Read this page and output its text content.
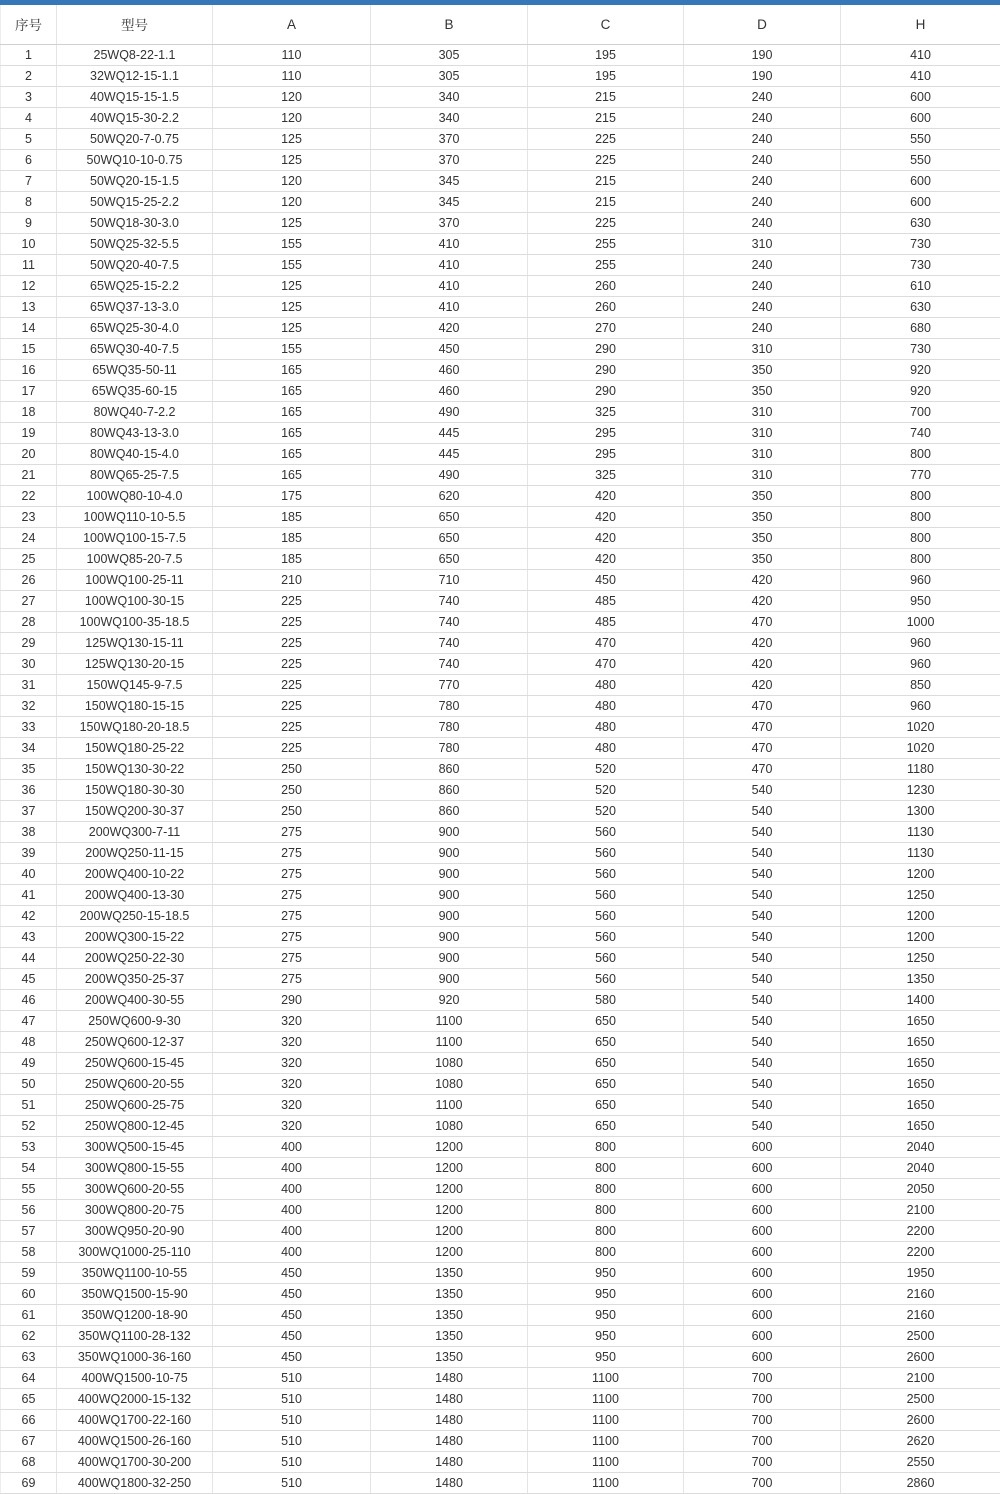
序号	型号	A	B	C	D	H
1	25WQ8-22-1.1	110	305	195	190	410
2	32WQ12-15-1.1	110	305	195	190	410
3	40WQ15-15-1.5	120	340	215	240	600
4	40WQ15-30-2.2	120	340	215	240	600
5	50WQ20-7-0.75	125	370	225	240	550
6	50WQ10-10-0.75	125	370	225	240	550
7	50WQ20-15-1.5	120	345	215	240	600
8	50WQ15-25-2.2	120	345	215	240	600
9	50WQ18-30-3.0	125	370	225	240	630
10	50WQ25-32-5.5	155	410	255	310	730
11	50WQ20-40-7.5	155	410	255	240	730
12	65WQ25-15-2.2	125	410	260	240	610
13	65WQ37-13-3.0	125	410	260	240	630
14	65WQ25-30-4.0	125	420	270	240	680
15	65WQ30-40-7.5	155	450	290	310	730
16	65WQ35-50-11	165	460	290	350	920
17	65WQ35-60-15	165	460	290	350	920
18	80WQ40-7-2.2	165	490	325	310	700
19	80WQ43-13-3.0	165	445	295	310	740
20	80WQ40-15-4.0	165	445	295	310	800
21	80WQ65-25-7.5	165	490	325	310	770
22	100WQ80-10-4.0	175	620	420	350	800
23	100WQ110-10-5.5	185	650	420	350	800
24	100WQ100-15-7.5	185	650	420	350	800
25	100WQ85-20-7.5	185	650	420	350	800
26	100WQ100-25-11	210	710	450	420	960
27	100WQ100-30-15	225	740	485	420	950
28	100WQ100-35-18.5	225	740	485	470	1000
29	125WQ130-15-11	225	740	470	420	960
30	125WQ130-20-15	225	740	470	420	960
31	150WQ145-9-7.5	225	770	480	420	850
32	150WQ180-15-15	225	780	480	470	960
33	150WQ180-20-18.5	225	780	480	470	1020
34	150WQ180-25-22	225	780	480	470	1020
35	150WQ130-30-22	250	860	520	470	1180
36	150WQ180-30-30	250	860	520	540	1230
37	150WQ200-30-37	250	860	520	540	1300
38	200WQ300-7-11	275	900	560	540	1130
39	200WQ250-11-15	275	900	560	540	1130
40	200WQ400-10-22	275	900	560	540	1200
41	200WQ400-13-30	275	900	560	540	1250
42	200WQ250-15-18.5	275	900	560	540	1200
43	200WQ300-15-22	275	900	560	540	1200
44	200WQ250-22-30	275	900	560	540	1250
45	200WQ350-25-37	275	900	560	540	1350
46	200WQ400-30-55	290	920	580	540	1400
47	250WQ600-9-30	320	1100	650	540	1650
48	250WQ600-12-37	320	1100	650	540	1650
49	250WQ600-15-45	320	1080	650	540	1650
50	250WQ600-20-55	320	1080	650	540	1650
51	250WQ600-25-75	320	1100	650	540	1650
52	250WQ800-12-45	320	1080	650	540	1650
53	300WQ500-15-45	400	1200	800	600	2040
54	300WQ800-15-55	400	1200	800	600	2040
55	300WQ600-20-55	400	1200	800	600	2050
56	300WQ800-20-75	400	1200	800	600	2100
57	300WQ950-20-90	400	1200	800	600	2200
58	300WQ1000-25-110	400	1200	800	600	2200
59	350WQ1100-10-55	450	1350	950	600	1950
60	350WQ1500-15-90	450	1350	950	600	2160
61	350WQ1200-18-90	450	1350	950	600	2160
62	350WQ1100-28-132	450	1350	950	600	2500
63	350WQ1000-36-160	450	1350	950	600	2600
64	400WQ1500-10-75	510	1480	1100	700	2100
65	400WQ2000-15-132	510	1480	1100	700	2500
66	400WQ1700-22-160	510	1480	1100	700	2600
67	400WQ1500-26-160	510	1480	1100	700	2620
68	400WQ1700-30-200	510	1480	1100	700	2550
69	400WQ1800-32-250	510	1480	1100	700	2860
